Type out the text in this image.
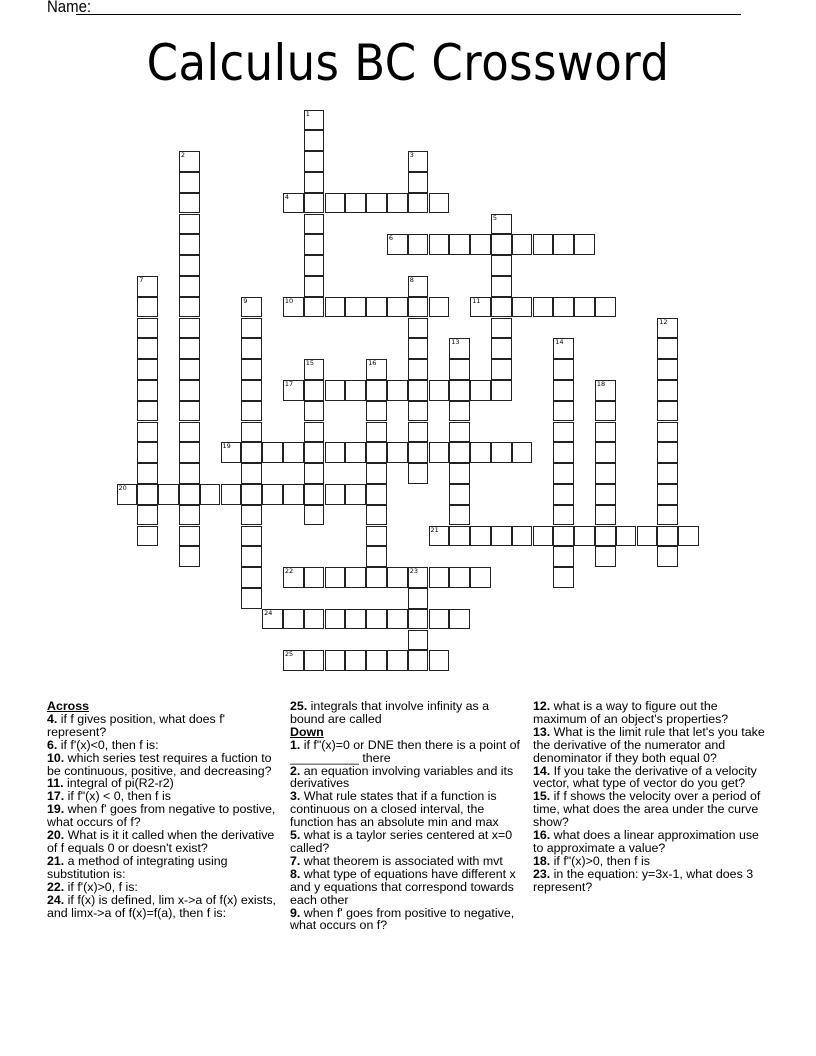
Name:
Calculus BC Crossword
1
2	3
4
5
6
7	8
9	10	11
12
13	14
15	16
17	18
19
20
21
22	23
24
25
Across
4. if f gives position, what does f' represent?
6. if f'(x)<0, then f is:
10. which series test requires a fuction to be continuous, positive, and decreasing?
11. integral of pi(R2-r2)
17. if f"(x) < 0, then f is
19. when f' goes from negative to postive, what occurs of f?
20. What is it it called when the derivative of f equals 0 or doesn't exist?
21. a method of integrating using substitution is:
22. if f'(x)>0, f is:
24. if f(x) is defined, lim x->a of f(x) exists, and limx->a of f(x)=f(a), then f is:
25. integrals that involve infinity as a bound are called
Down
1. if f"(x)=0 or DNE then there is a point of __________ there
2. an equation involving variables and its derivatives
3. What rule states that if a function is continuous on a closed interval, the function has an absolute min and max
5. what is a taylor series centered at x=0 called?
7. what theorem is associated with mvt
8. what type of equations have different x and y equations that correspond towards each other
9. when f' goes from positive to negative, what occurs on f?
12. what is a way to figure out the maximum of an object's properties?
13. What is the limit rule that let's you take the derivative of the numerator and denominator if they both equal 0?
14. If you take the derivative of a velocity vector, what type of vector do you get?
15. if f shows the velocity over a period of time, what does the area under the curve show?
16. what does a linear approximation use to approximate a value?
18. if f"(x)>0, then f is
23. in the equation: y=3x-1, what does 3 represent?
